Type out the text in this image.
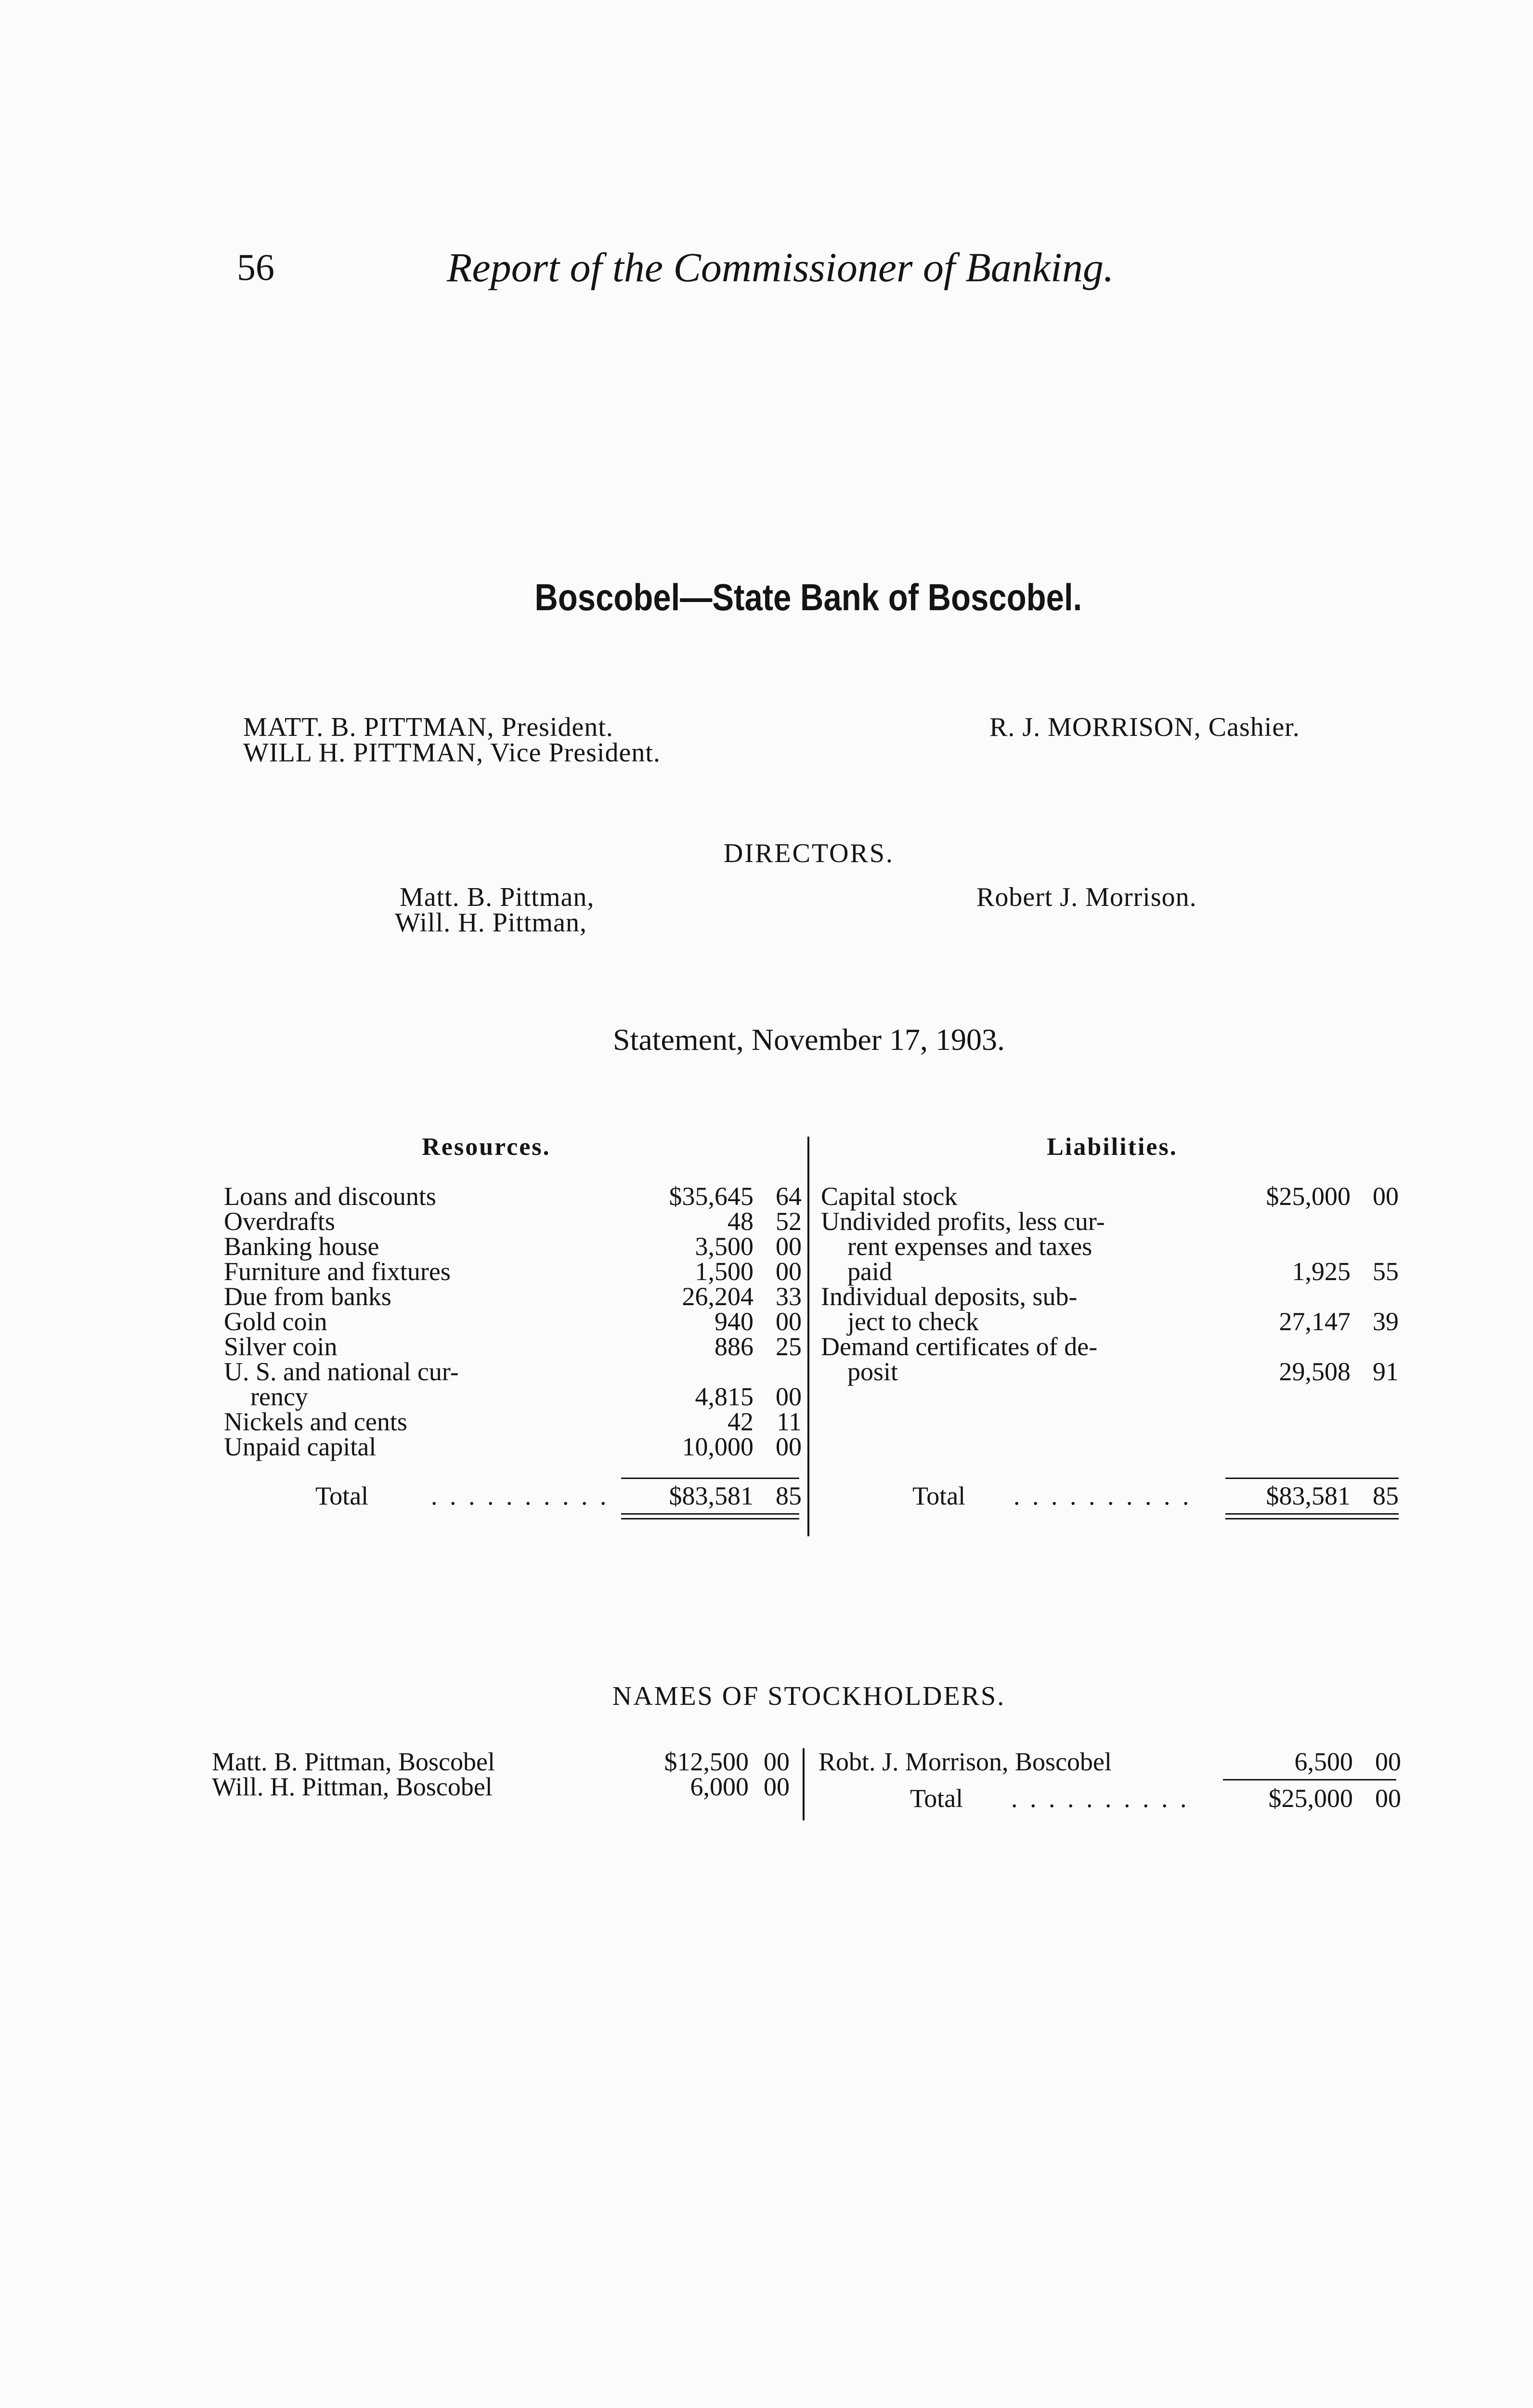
56	Report of the Commissioner of Banking.
Boscobel—State Bank of Boscobel.
MATT. B. PITTMAN, President.
WILL H. PITTMAN, Vice President.
R. J. MORRISON, Cashier.
DIRECTORS.
Matt. B. Pittman,
Will. H. Pittman,
Robert J. Morrison.
Statement, November 17, 1903.
Resources.	Liabilities.
Loans and discounts	$35,645 64
Overdrafts	48 52
Banking house	3,500 00
Furniture and fixtures	1,500 00
Due from banks	26,204 33
Gold coin	940 00
Silver coin	886 25
U. S. and national cur-
rency	4,815 00
Nickels and cents	42 11
Unpaid capital	10,000 00
Total . . . . . . . . . . $83,581 85
Capital stock	$25,000 00
Undivided profits, less cur-
rent expenses and taxes
paid	1,925 55
Individual deposits, sub-
ject to check	27,147 39
Demand certificates of de-
posit	29,508 91
Total . . . . . . . . . .	$83,581 85
NAMES OF STOCKHOLDERS.
Matt. B. Pittman, Boscobel	$12,500 00
Will. H. Pittman, Boscobel	6,000 00
Robt. J. Morrison, Boscobel	6,500 00
Total . . . . . . . . . .	$25,000 00
